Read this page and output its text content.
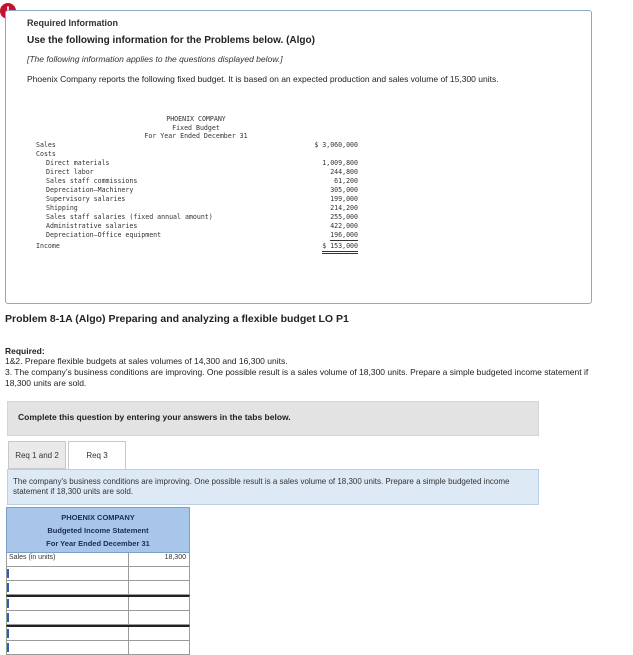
Required Information
Use the following information for the Problems below. (Algo)
[The following information applies to the questions displayed below.]
Phoenix Company reports the following fixed budget. It is based on an expected production and sales volume of 15,300 units.
PHOENIX COMPANY
Fixed Budget
For Year Ended December 31
Sales	$ 3,060,000
Costs
Direct materials	1,009,800
Direct labor	244,800
Sales staff commissions	61,200
Depreciation—Machinery	305,000
Supervisory salaries	199,000
Shipping	214,200
Sales staff salaries (fixed annual amount)	255,000
Administrative salaries	422,000
Depreciation—Office equipment	196,000
Income	$ 153,000
Problem 8-1A (Algo) Preparing and analyzing a flexible budget LO P1
Required:
1&2. Prepare flexible budgets at sales volumes of 14,300 and 16,300 units.
3. The company’s business conditions are improving. One possible result is a sales volume of 18,300 units. Prepare a simple budgeted income statement if 18,300 units are sold.
Complete this question by entering your answers in the tabs below.
Req 1 and 2	Req 3
The company's business conditions are improving. One possible result is a sales volume of 18,300 units. Prepare a simple budgeted income statement if 18,300 units are sold.
PHOENIX COMPANY
Budgeted Income Statement
For Year Ended December 31
Sales (in units)	18,300
